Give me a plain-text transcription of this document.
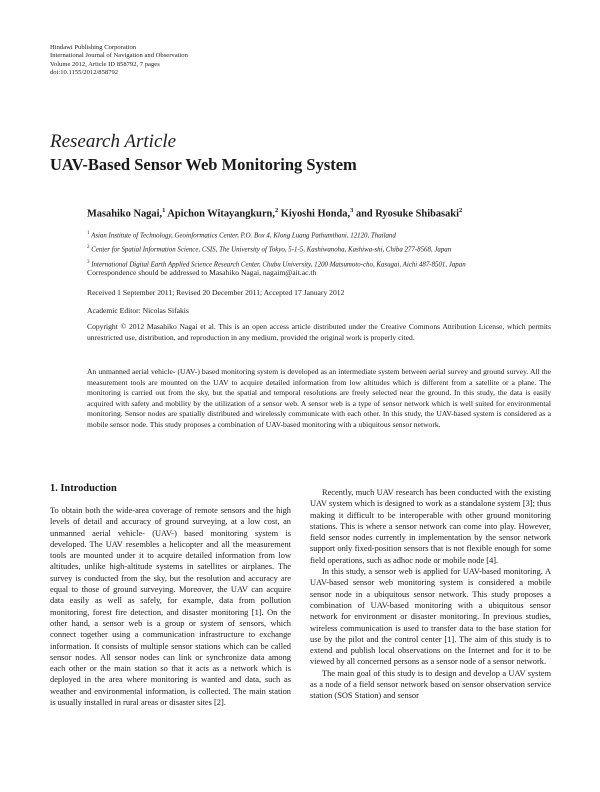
Hindawi Publishing Corporation
International Journal of Navigation and Observation
Volume 2012, Article ID 858792, 7 pages
doi:10.1155/2012/858792
Research Article
UAV-Based Sensor Web Monitoring System
Masahiko Nagai,$^1$ Apichon Witayangkurn,$^2$ Kiyoshi Honda,$^3$ and Ryosuke Shibasaki$^2$
$^1$ Asian Institute of Technology, Geoinformatics Center, P.O. Box 4, Klong Luang Pathumthani, 12120, Thailand
$^2$ Center for Spatial Information Science, CSIS, The University of Tokyo, 5-1-5, Kashiwanoha, Kashiwa-shi, Chiba 277-8568, Japan
$^3$ International Digital Earth Applied Science Research Center, Chubu University, 1200 Matsumoto-cho, Kasugai, Aichi 487-8501, Japan
Correspondence should be addressed to Masahiko Nagai, nagaim@ait.ac.th
Received 1 September 2011; Revised 20 December 2011; Accepted 17 January 2012
Academic Editor: Nicolas Sifakis
Copyright © 2012 Masahiko Nagai et al. This is an open access article distributed under the Creative Commons Attribution License, which permits unrestricted use, distribution, and reproduction in any medium, provided the original work is properly cited.
An unmanned aerial vehicle- (UAV-) based monitoring system is developed as an intermediate system between aerial survey and ground survey. All the measurement tools are mounted on the UAV to acquire detailed information from low altitudes which is different from a satellite or a plane. The monitoring is carried out from the sky, but the spatial and temporal resolutions are freely selected near the ground. In this study, the data is easily acquired with safety and mobility by the utilization of a sensor web. A sensor web is a type of sensor network which is well suited for environmental monitoring. Sensor nodes are spatially distributed and wirelessly communicate with each other. In this study, the UAV-based system is considered as a mobile sensor node. This study proposes a combination of UAV-based monitoring with a ubiquitous sensor network.
1. Introduction

To obtain both the wide-area coverage of remote sensors and the high levels of detail and accuracy of ground surveying, at a low cost, an unmanned aerial vehicle- (UAV-) based monitoring system is developed. The UAV resembles a helicopter and all the measurement tools are mounted under it to acquire detailed information from low altitudes, unlike high-altitude systems in satellites or airplanes. The survey is conducted from the sky, but the resolution and accuracy are equal to those of ground surveying. Moreover, the UAV can acquire data easily as well as safely, for example, data from pollution monitoring, forest fire detection, and disaster monitoring [1]. On the other hand, a sensor web is a group or system of sensors, which connect together using a communication infrastructure to exchange information. It consists of multiple sensor stations which can be called sensor nodes. All sensor nodes can link or synchronize data among each other or the main station so that it acts as a network which is deployed in the area where monitoring is wanted and data, such as weather and environmental information, is collected. The main station is usually installed in rural areas or disaster sites [2].

Recently, much UAV research has been conducted with the existing UAV system which is designed to work as a standalone system [3]; thus making it difficult to be interoperable with other ground monitoring stations. This is where a sensor network can come into play. However, field sensor nodes currently in implementation by the sensor network support only fixed-position sensors that is not flexible enough for some field operations, such as adhoc node or mobile node [4].

In this study, a sensor web is applied for UAV-based monitoring. A UAV-based sensor web monitoring system is considered a mobile sensor node in a ubiquitous sensor network. This study proposes a combination of UAV-based monitoring with a ubiquitous sensor network for environment or disaster monitoring. In previous studies, wireless communication is used to transfer data to the base station for use by the pilot and the control center [1]. The aim of this study is to extend and publish local observations on the Internet and for it to be viewed by all concerned persons as a sensor node of a sensor network.

The main goal of this study is to design and develop a UAV system as a node of a field sensor network based on sensor observation service station (SOS Station) and sensor
